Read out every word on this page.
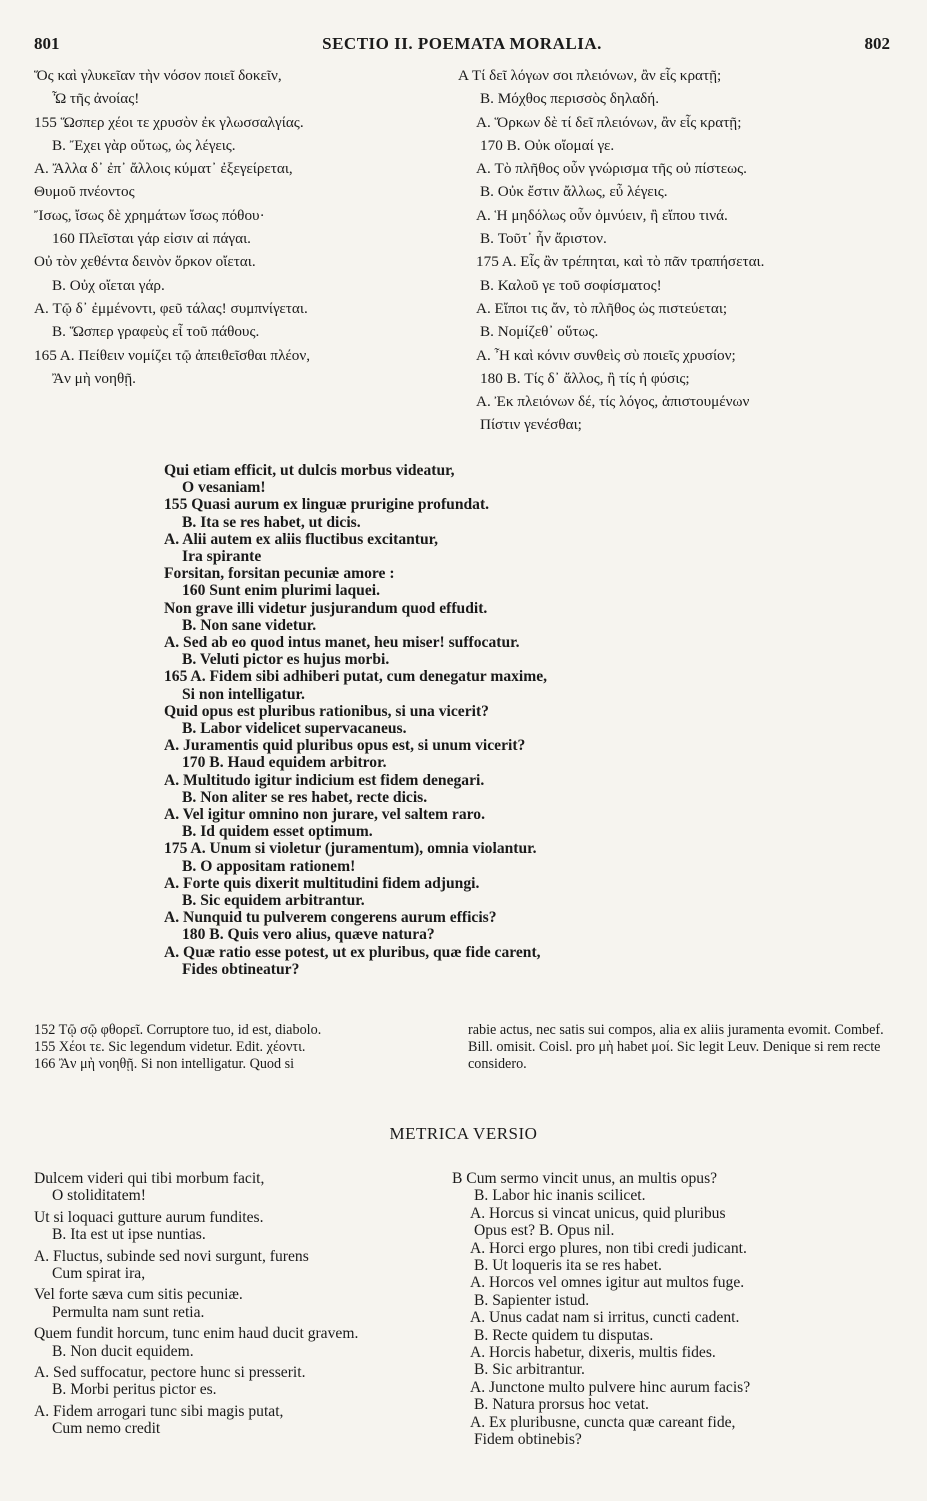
801	SECTIO II. POEMATA MORALIA.	802
Ὅς καὶ γλυκεῖαν τὴν νόσον ποιεῖ δοκεῖν,
Ὦ τῆς ἀνοίας!
155 Ὥσπερ χέοι τε χρυσὸν ἐκ γλωσσαλγίας.
B. Ἔχει γὰρ οὕτως, ὡς λέγεις.
A. Ἄλλα δ᾿ ἐπ᾿ ἄλλοις κύματ᾿ ἐξεγείρεται,
Θυμοῦ πνέοντος
Ἴσως, ἴσως δὲ χρημάτων ἴσως πόθου·
160 Πλεῖσται γάρ εἰσιν αἱ πάγαι.
Οὐ τὸν χεθέντα δεινὸν ὅρκον οἴεται.
B. Οὐχ οἴεται γάρ.
A. Τῷ δ᾿ ἐμμένοντι, φεῦ τάλας! συμπνίγεται.
B. Ὥσπερ γραφεὺς εἶ τοῦ πάθους.
165 A. Πείθειν νομίζει τῷ ἀπειθεῖσθαι πλέον,
Ἂν μὴ νοηθῇ.
A Τί δεῖ λόγων σοι πλειόνων, ἂν εἷς κρατῇ;
B. Μόχθος περισσὸς δηλαδή.
A. Ὅρκων δὲ τί δεῖ πλειόνων, ἂν εἷς κρατῇ;
170 B. Οὐκ οἴομαί γε.
A. Τὸ πλῆθος οὖν γνώρισμα τῆς οὐ πίστεως.
B. Οὐκ ἔστιν ἄλλως, εὖ λέγεις.
A. Ἡ μηδόλως οὖν ὀμνύειν, ἢ εἴπου τινά.
B. Τοῦτ᾿ ἦν ἄριστον.
175 A. Εἷς ἂν τρέπηται, καὶ τὸ πᾶν τραπήσεται.
B. Καλοῦ γε τοῦ σοφίσματος!
A. Εἴποι τις ἄν, τὸ πλῆθος ὡς πιστεύεται;
B. Νομίζεθ᾿ οὕτως.
A. Ἦ καὶ κόνιν συνθεὶς σὺ ποιεῖς χρυσίον;
180 B. Τίς δ᾿ ἄλλος, ἢ τίς ἡ φύσις;
A. Ἐκ πλειόνων δέ, τίς λόγος, ἀπιστουμένων
Πίστιν γενέσθαι;
Qui etiam efficit, ut dulcis morbus videatur,
O vesaniam!
155 Quasi aurum ex linguæ prurigine profundat.
B. Ita se res habet, ut dicis.
A. Alii autem ex aliis fluctibus excitantur,
Ira spirante
Forsitan, forsitan pecuniæ amore :
160 Sunt enim plurimi laquei.
Non grave illi videtur jusjurandum quod effudit.
B. Non sane videtur.
A. Sed ab eo quod intus manet, heu miser! suffocatur.
B. Veluti pictor es hujus morbi.
165 A. Fidem sibi adhiberi putat, cum denegatur maxime,
Si non intelligatur.
Quid opus est pluribus rationibus, si una vicerit?
B. Labor videlicet supervacaneus.
A. Juramentis quid pluribus opus est, si unum vicerit?
170 B. Haud equidem arbitror.
A. Multitudo igitur indicium est fidem denegari.
B. Non aliter se res habet, recte dicis.
A. Vel igitur omnino non jurare, vel saltem raro.
B. Id quidem esset optimum.
175 A. Unum si violetur (juramentum), omnia violantur.
B. O appositam rationem!
A. Forte quis dixerit multitudini fidem adjungi.
B. Sic equidem arbitrantur.
A. Nunquid tu pulverem congerens aurum efficis?
180 B. Quis vero alius, quæve natura?
A. Quæ ratio esse potest, ut ex pluribus, quæ fide carent,
Fides obtineatur?
152 Τῷ σῷ φθορεῖ. Corruptore tuo, id est, diabolo.
155 Χέοι τε. Sic legendum videtur. Edit. χέοντι.
166 Ἂν μὴ νοηθῇ. Si non intelligatur. Quod si
rabie actus, nec satis sui compos, alia ex aliis juramenta evomit. Combef. Bill. omisit. Coisl. pro μὴ habet μοί. Sic legit Leuv. Denique si rem recte considero.
METRICA VERSIO
Dulcem videri qui tibi morbum facit,
O stoliditatem!
Ut si loquaci gutture aurum fundites.
B. Ita est ut ipse nuntias.
A. Fluctus, subinde sed novi surgunt, furens
Cum spirat ira,
Vel forte sæva cum sitis pecuniæ.
Permulta nam sunt retia.
Quem fundit horcum, tunc enim haud ducit gravem.
B. Non ducit equidem.
A. Sed suffocatur, pectore hunc si presserit.
B. Morbi peritus pictor es.
A. Fidem arrogari tunc sibi magis putat,
Cum nemo credit
B Cum sermo vincit unus, an multis opus?
B. Labor hic inanis scilicet.
A. Horcus si vincat unicus, quid pluribus
Opus est? B. Opus nil.
A. Horci ergo plures, non tibi credi judicant.
B. Ut loqueris ita se res habet.
A. Horcos vel omnes igitur aut multos fuge.
B. Sapienter istud.
A. Unus cadat nam si irritus, cuncti cadent.
B. Recte quidem tu disputas.
A. Horcis habetur, dixeris, multis fides.
B. Sic arbitrantur.
A. Junctone multo pulvere hinc aurum facis?
B. Natura prorsus hoc vetat.
A. Ex pluribusne, cuncta quæ careant fide,
Fidem obtinebis?
